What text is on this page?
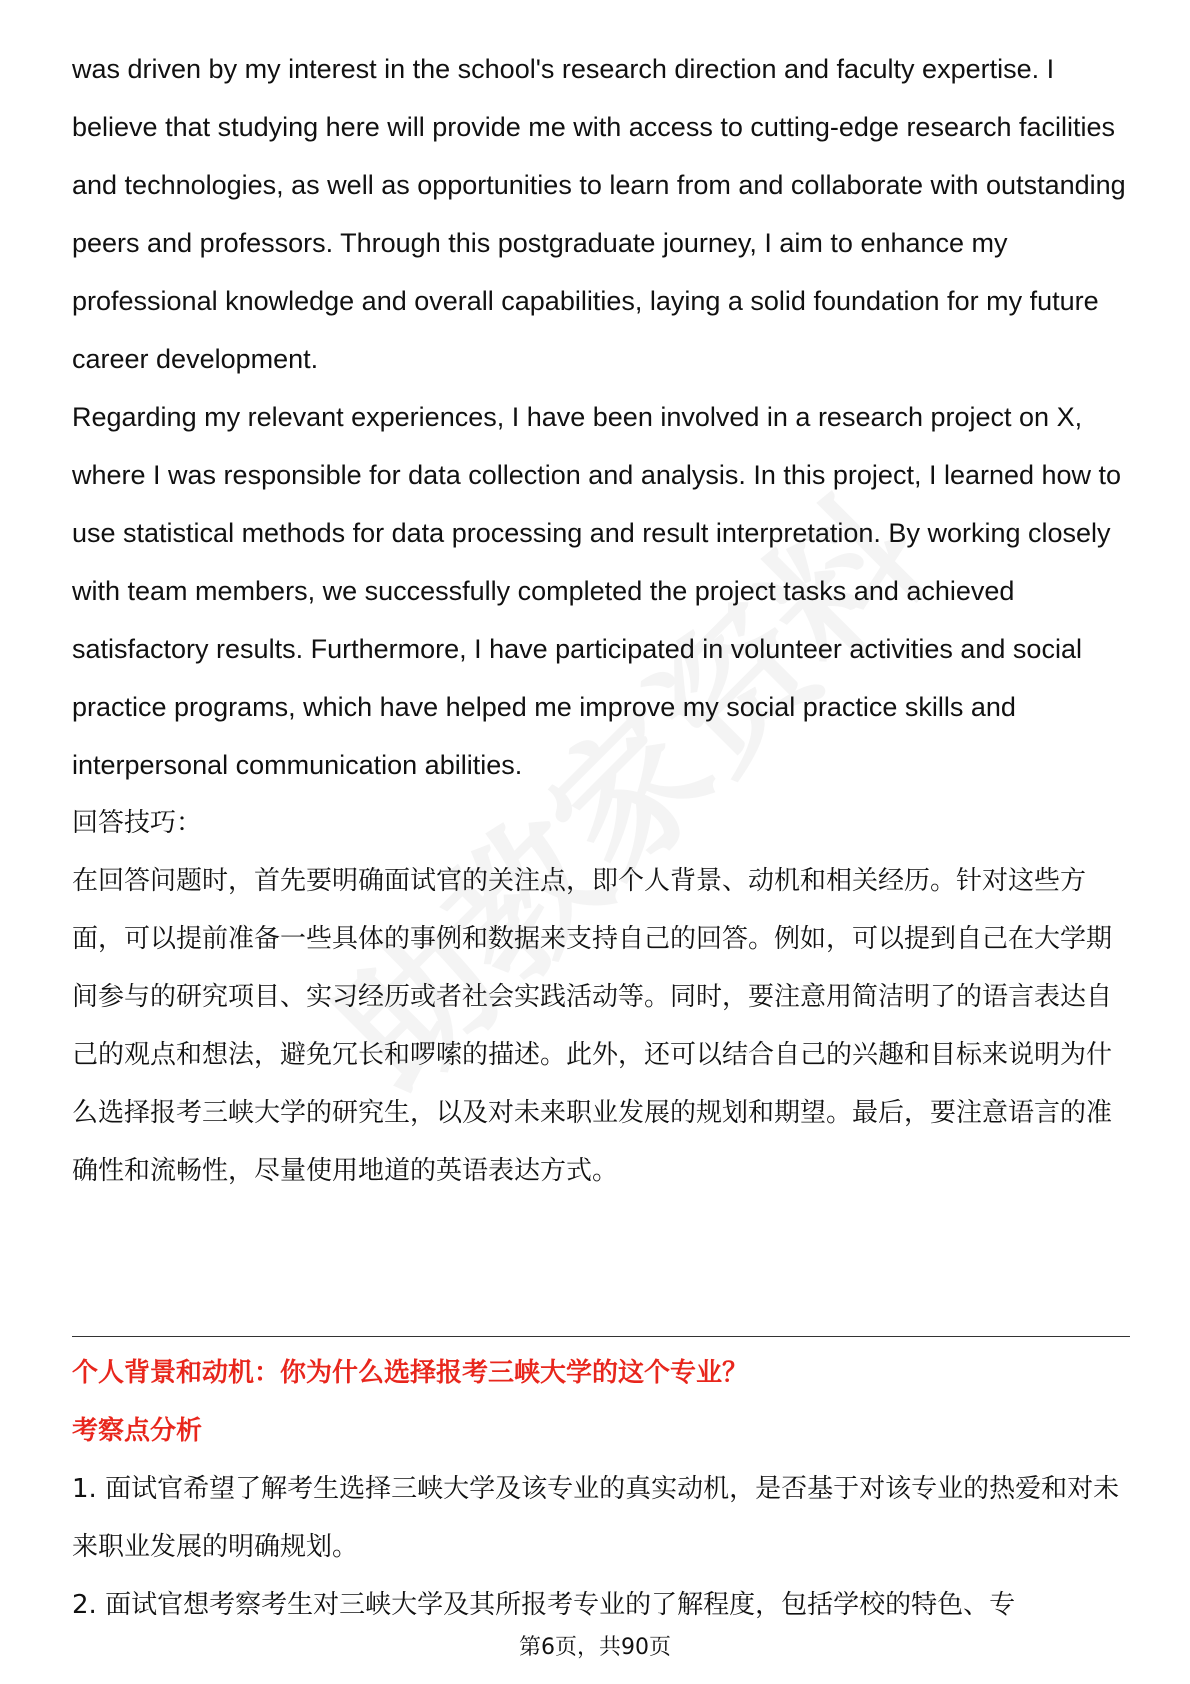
was driven by my interest in the school's research direction and faculty expertise. I believe that studying here will provide me with access to cutting-edge research facilities and technologies, as well as opportunities to learn from and collaborate with outstanding peers and professors. Through this postgraduate journey, I aim to enhance my professional knowledge and overall capabilities, laying a solid foundation for my future career development.

Regarding my relevant experiences, I have been involved in a research project on X, where I was responsible for data collection and analysis. In this project, I learned how to use statistical methods for data processing and result interpretation. By working closely with team members, we successfully completed the project tasks and achieved satisfactory results. Furthermore, I have participated in volunteer activities and social practice programs, which have helped me improve my social practice skills and interpersonal communication abilities.

回答技巧：

在回答问题时，首先要明确面试官的关注点，即个人背景、动机和相关经历。针对这些方面，可以提前准备一些具体的事例和数据来支持自己的回答。例如，可以提到自己在大学期间参与的研究项目、实习经历或者社会实践活动等。同时，要注意用简洁明了的语言表达自己的观点和想法，避免冗长和啰嗦的描述。此外，还可以结合自己的兴趣和目标来说明为什么选择报考三峡大学的研究生，以及对未来职业发展的规划和期望。最后，要注意语言的准确性和流畅性，尽量使用地道的英语表达方式。

个人背景和动机：你为什么选择报考三峡大学的这个专业？

考察点分析

1. 面试官希望了解考生选择三峡大学及该专业的真实动机，是否基于对该专业的热爱和对未来职业发展的明确规划。

2. 面试官想考察考生对三峡大学及其所报考专业的了解程度，包括学校的特色、专

第6页，共90页
